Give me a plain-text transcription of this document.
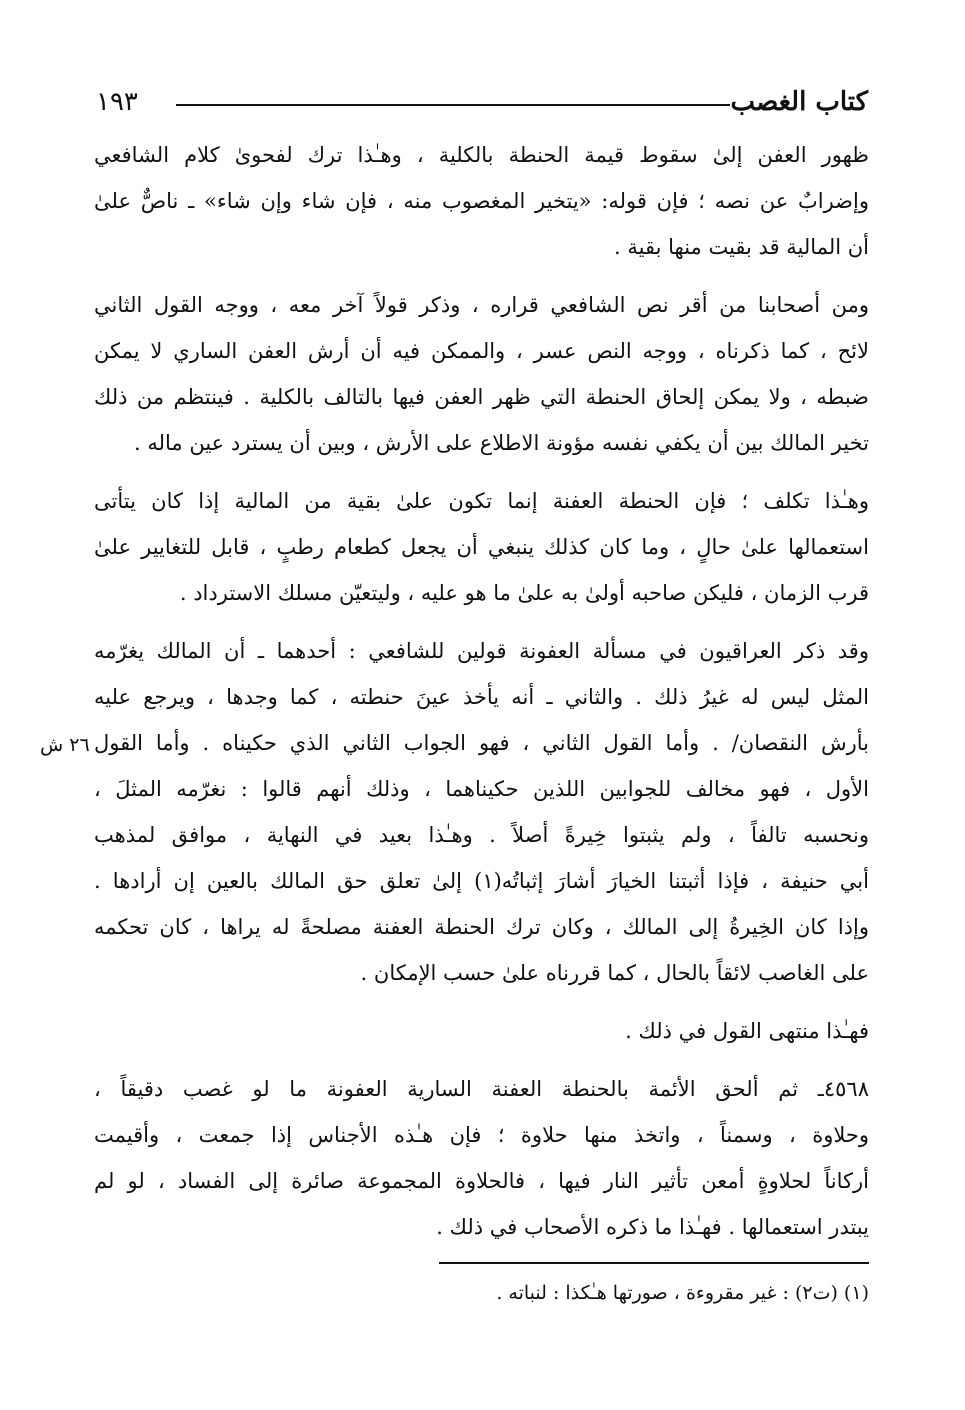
كتاب الغصب
١٩٣
ظهور العفن إلىٰ سقوط قيمة الحنطة بالكلية ، وهـٰذا ترك لفحوىٰ كلام الشافعي
وإضرابٌ عن نصه ؛ فإن قوله: «يتخير المغصوب منه ، فإن شاء وإن شاء» ـ ناصٌّ علىٰ
أن المالية قد بقيت منها بقية .
ومن أصحابنا من أقر نص الشافعي قراره ، وذكر قولاً آخر معه ، ووجه القول الثاني
لائح ، كما ذكرناه ، ووجه النص عسر ، والممكن فيه أن أرش العفن الساري لا يمكن
ضبطه ، ولا يمكن إلحاق الحنطة التي ظهر العفن فيها بالتالف بالكلية . فينتظم من ذلك
تخير المالك بين أن يكفي نفسه مؤونة الاطلاع على الأرش ، وبين أن يسترد عين ماله .
وهـٰذا تكلف ؛ فإن الحنطة العفنة إنما تكون علىٰ بقية من المالية إذا كان يتأتى
استعمالها علىٰ حالٍ ، وما كان كذلك ينبغي أن يجعل كطعام رطبٍ ، قابل للتغايير علىٰ
قرب الزمان ، فليكن صاحبه أولىٰ به علىٰ ما هو عليه ، وليتعيّن مسلك الاسترداد .
وقد ذكر العراقيون في مسألة العفونة قولين للشافعي : أحدهما ـ أن المالك يغرّمه
المثل ليس له غيرُ ذلك . والثاني ـ أنه يأخذ عينَ حنطته ، كما وجدها ، ويرجع عليه
بأرش النقصان/ . وأما القول الثاني ، فهو الجواب الثاني الذي حكيناه . وأما القول
الأول ، فهو مخالف للجوابين اللذين حكيناهما ، وذلك أنهم قالوا : نغرّمه المثلَ ،
ونحسبه تالفاً ، ولم يثبتوا خِيرةً أصلاً . وهـٰذا بعيد في النهاية ، موافق لمذهب
أبي حنيفة ، فإذا أثبتنا الخيارَ أشارَ إثباتُه(١) إلىٰ تعلق حق المالك بالعين إن أرادها .
وإذا كان الخِيرةُ إلى المالك ، وكان ترك الحنطة العفنة مصلحةً له يراها ، كان تحكمه
على الغاصب لائقاً بالحال ، كما قررناه علىٰ حسب الإمكان .
فهـٰذا منتهى القول في ذلك .
٤٥٦٨ـ ثم ألحق الأئمة بالحنطة العفنة السارية العفونة ما لو غصب دقيقاً ،
وحلاوة ، وسمناً ، واتخذ منها حلاوة ؛ فإن هـٰذه الأجناس إذا جمعت ، وأقيمت
أركاناً لحلاوةٍ أمعن تأثير النار فيها ، فالحلاوة المجموعة صائرة إلى الفساد ، لو لم
يبتدر استعمالها . فهـٰذا ما ذكره الأصحاب في ذلك .
٢٦ ش
(١) (ت٢) : غير مقروءة ، صورتها هـٰكذا : لنباته .
